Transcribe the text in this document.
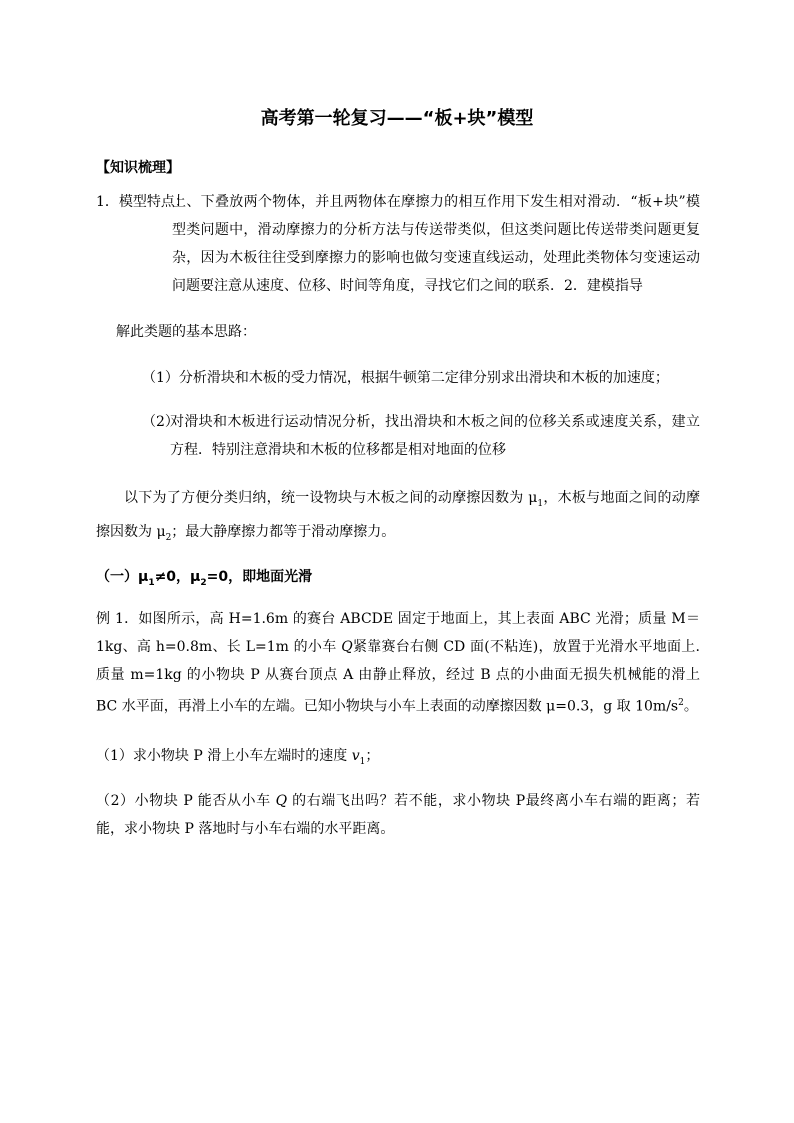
高考第一轮复习——“板+块”模型
【知识梳理】
1．模型特点：
上、下叠放两个物体，并且两物体在摩擦力的相互作用下发生相对滑动．“板+块”模型类问题中，滑动摩擦力的分析方法与传送带类似，但这类问题比传送带类问题更复杂，因为木板往往受到摩擦力的影响也做匀变速直线运动，处理此类物体匀变速运动问题要注意从速度、位移、时间等角度，寻找它们之间的联系．2．建模指导
解此类题的基本思路：
（1）分析滑块和木板的受力情况，根据牛顿第二定律分别求出滑块和木板的加速度；
（2）
对滑块和木板进行运动情况分析，找出滑块和木板之间的位移关系或速度关系，建立方程．特别注意滑块和木板的位移都是相对地面的位移
以下为了方便分类归纳，统一设物块与木板之间的动摩擦因数为 $\mu_1$，木板与地面之间的动摩擦因数为 $\mu_2$；最大静摩擦力都等于滑动摩擦力。
（一）$\mu_1\ne 0$，$\mu_2=0$，即地面光滑
例 1．如图所示，高 H=1.6m 的赛台 ABCDE 固定于地面上，其上表面 ABC 光滑；质量 M＝1kg、高 h=0.8m、长 L=1m 的小车 Q紧靠赛台右侧 CD 面(不粘连)，放置于光滑水平地面上.质量 m=1kg 的小物块 P 从赛台顶点 A 由静止释放，经过 B 点的小曲面无损失机械能的滑上 BC 水平面，再滑上小车的左端。已知小物块与小车上表面的动摩擦因数 μ=0.3，g 取 $10m/s^2$。
（1）求小物块 P 滑上小车左端时的速度 $v_1$；
（2）小物块 P 能否从小车 Q 的右端飞出吗？若不能，求小物块 P最终离小车右端的距离；若能，求小物块 P 落地时与小车右端的水平距离。
